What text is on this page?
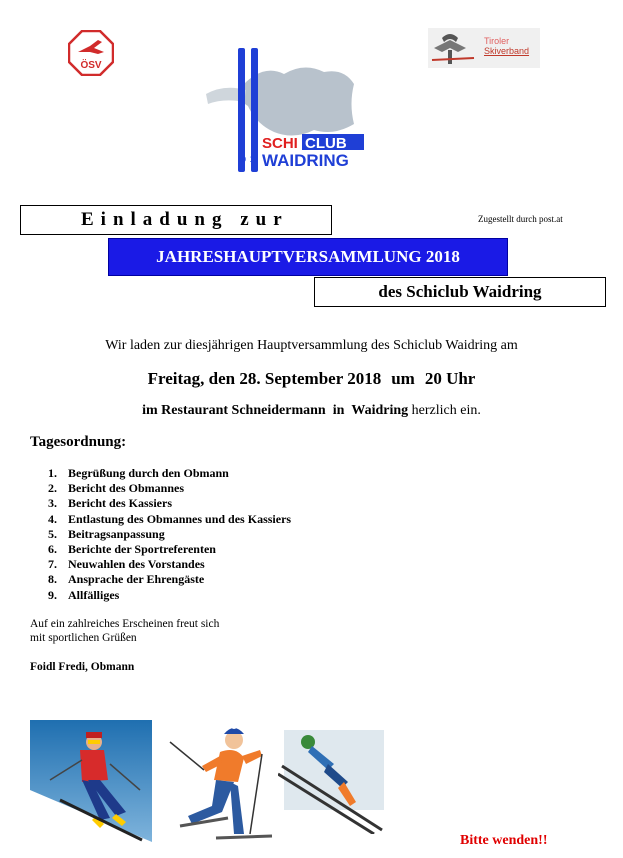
ÖSV
Tiroler
Skiverband
SCHI CLUB
WAIDRING
19 27
Einladung zur	Zugestellt durch post.at
JAHRESHAUPTVERSAMMLUNG 2018
des Schiclub Waidring
Wir laden zur diesjährigen Hauptversammlung des Schiclub Waidring am
Freitag, den 28. September 2018 um 20 Uhr
im Restaurant Schneidermann in Waidring herzlich ein.
Tagesordnung:
1. Begrüßung durch den Obmann
2. Bericht des Obmannes
3. Bericht des Kassiers
4. Entlastung des Obmannes und des Kassiers
5. Beitragsanpassung
6. Berichte der Sportreferenten
7. Neuwahlen des Vorstandes
8. Ansprache der Ehrengäste
9. Allfälliges
Auf ein zahlreiches Erscheinen freut sich
mit sportlichen Grüßen
Foidl Fredi, Obmann
Bitte wenden!!
